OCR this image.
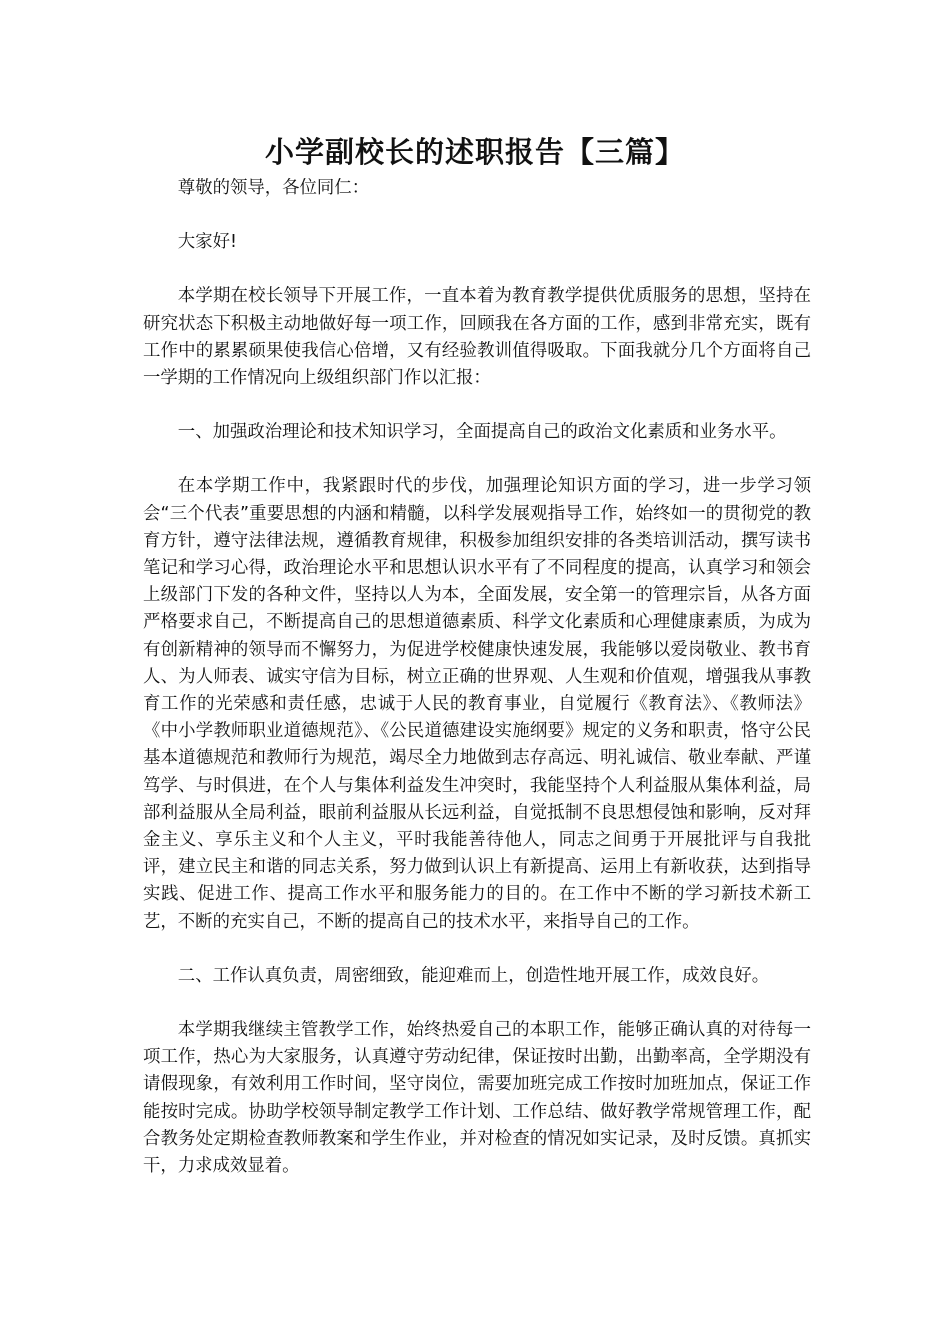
小学副校长的述职报告【三篇】

尊敬的领导，各位同仁：

大家好!

本学期在校长领导下开展工作，一直本着为教育教学提供优质服务的思想，坚持在研究状态下积极主动地做好每一项工作，回顾我在各方面的工作，感到非常充实，既有工作中的累累硕果使我信心倍增，又有经验教训值得吸取。下面我就分几个方面将自己一学期的工作情况向上级组织部门作以汇报：

一、加强政治理论和技术知识学习，全面提高自己的政治文化素质和业务水平。

在本学期工作中，我紧跟时代的步伐，加强理论知识方面的学习，进一步学习领会“三个代表”重要思想的内涵和精髓，以科学发展观指导工作，始终如一的贯彻党的教育方针，遵守法律法规，遵循教育规律，积极参加组织安排的各类培训活动，撰写读书笔记和学习心得，政治理论水平和思想认识水平有了不同程度的提高，认真学习和领会上级部门下发的各种文件，坚持以人为本，全面发展，安全第一的管理宗旨，从各方面严格要求自己，不断提高自己的思想道德素质、科学文化素质和心理健康素质，为成为有创新精神的领导而不懈努力，为促进学校健康快速发展，我能够以爱岗敬业、教书育人、为人师表、诚实守信为目标，树立正确的世界观、人生观和价值观，增强我从事教育工作的光荣感和责任感，忠诚于人民的教育事业，自觉履行《教育法》、《教师法》《中小学教师职业道德规范》、《公民道德建设实施纲要》规定的义务和职责，恪守公民基本道德规范和教师行为规范，竭尽全力地做到志存高远、明礼诚信、敬业奉献、严谨笃学、与时俱进，在个人与集体利益发生冲突时，我能坚持个人利益服从集体利益，局部利益服从全局利益，眼前利益服从长远利益，自觉抵制不良思想侵蚀和影响，反对拜金主义、享乐主义和个人主义，平时我能善待他人，同志之间勇于开展批评与自我批评，建立民主和谐的同志关系，努力做到认识上有新提高、运用上有新收获，达到指导实践、促进工作、提高工作水平和服务能力的目的。在工作中不断的学习新技术新工艺，不断的充实自己，不断的提高自己的技术水平，来指导自己的工作。

二、工作认真负责，周密细致，能迎难而上，创造性地开展工作，成效良好。

本学期我继续主管教学工作，始终热爱自己的本职工作，能够正确认真的对待每一项工作，热心为大家服务，认真遵守劳动纪律，保证按时出勤，出勤率高，全学期没有请假现象，有效利用工作时间，坚守岗位，需要加班完成工作按时加班加点，保证工作能按时完成。协助学校领导制定教学工作计划、工作总结、做好教学常规管理工作，配合教务处定期检查教师教案和学生作业，并对检查的情况如实记录，及时反馈。真抓实干，力求成效显着。
